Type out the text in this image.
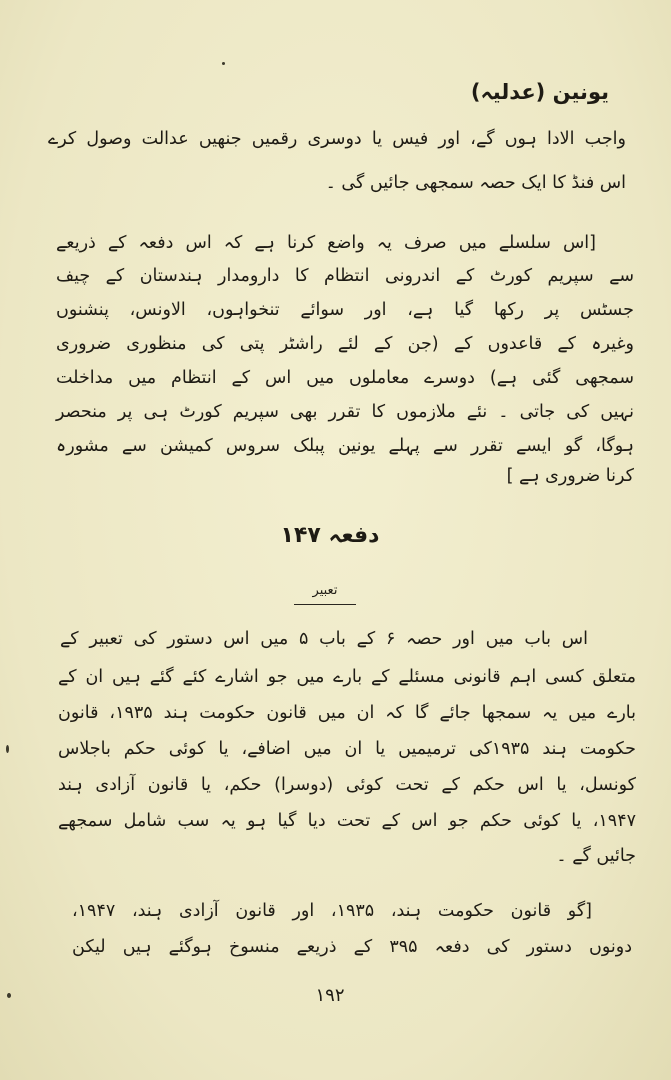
یونین (عدلیہ)
واجب الادا ہوں گے، اور فیس یا دوسری رقمیں جنھیں عدالت وصول کرے
اس فنڈ کا ایک حصہ سمجھی جائیں گی ۔
[اس سلسلے میں صرف یہ واضع کرنا ہے کہ اس دفعہ کے ذریعے
سے سپریم کورٹ کے اندرونی انتظام کا دارومدار ہندستان کے چیف
جسٹس پر رکھا گیا ہے، اور سوائے تنخواہوں، الاونس، پنشنوں
وغیرہ کے قاعدوں کے (جن کے لئے راشٹر پتی کی منظوری ضروری
سمجھی گئی ہے) دوسرے معاملوں میں اس کے انتظام میں مداخلت
نہیں کی جاتی ۔ نئے ملازموں کا تقرر بھی سپریم کورٹ ہی پر منحصر
ہوگا، گو ایسے تقرر سے پہلے یونین پبلک سروس کمیشن سے مشورہ
کرنا ضروری ہے ]
دفعہ ۱۴۷
تعبیر
اس باب میں اور حصہ ۶ کے باب ۵ میں اس دستور کی تعبیر کے
متعلق کسی اہم قانونی مسئلے کے بارے میں جو اشارے کئے گئے ہیں ان کے
بارے میں یہ سمجھا جائے گا کہ ان میں قانون حکومت ہند ۱۹۳۵، قانون
حکومت ہند ۱۹۳۵کی ترمیمیں یا ان میں اضافے، یا کوئی حکم باجلاس
کونسل، یا اس حکم کے تحت کوئی (دوسرا) حکم، یا قانون آزادی ہند
۱۹۴۷، یا کوئی حکم جو اس کے تحت دیا گیا ہو یہ سب شامل سمجھے
جائیں گے ۔
[گو قانون حکومت ہند، ۱۹۳۵، اور قانون آزادی ہند، ۱۹۴۷،
دونوں دستور کی دفعہ ۳۹۵ کے ذریعے منسوخ ہوگئے ہیں لیکن
۱۹۲
